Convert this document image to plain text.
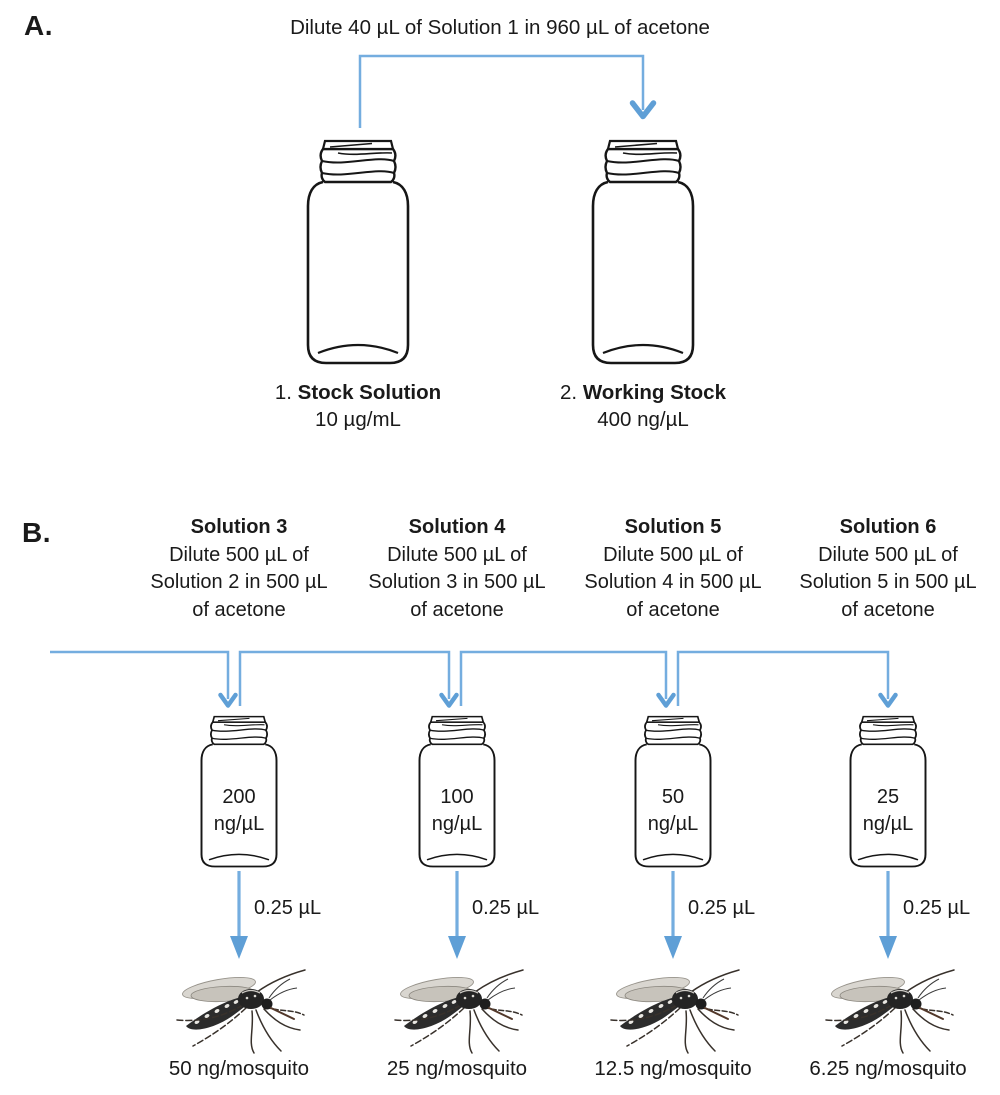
A.	Dilute 40 µL of Solution 1 in 960 µL of acetone
1. Stock Solution
10 µg/mL
2. Working Stock
400 ng/µL
B.	Solution 3
Dilute 500 µL of
Solution 2 in 500 µL
of acetone
200
ng/µL
0.25 µL
50 ng/mosquito
Solution 4
Dilute 500 µL of
Solution 3 in 500 µL
of acetone
100
ng/µL
0.25 µL
25 ng/mosquito
Solution 5
Dilute 500 µL of
Solution 4 in 500 µL
of acetone
50
ng/µL
0.25 µL
12.5 ng/mosquito
Solution 6
Dilute 500 µL of
Solution 5 in 500 µL
of acetone
25
ng/µL
0.25 µL
6.25 ng/mosquito
